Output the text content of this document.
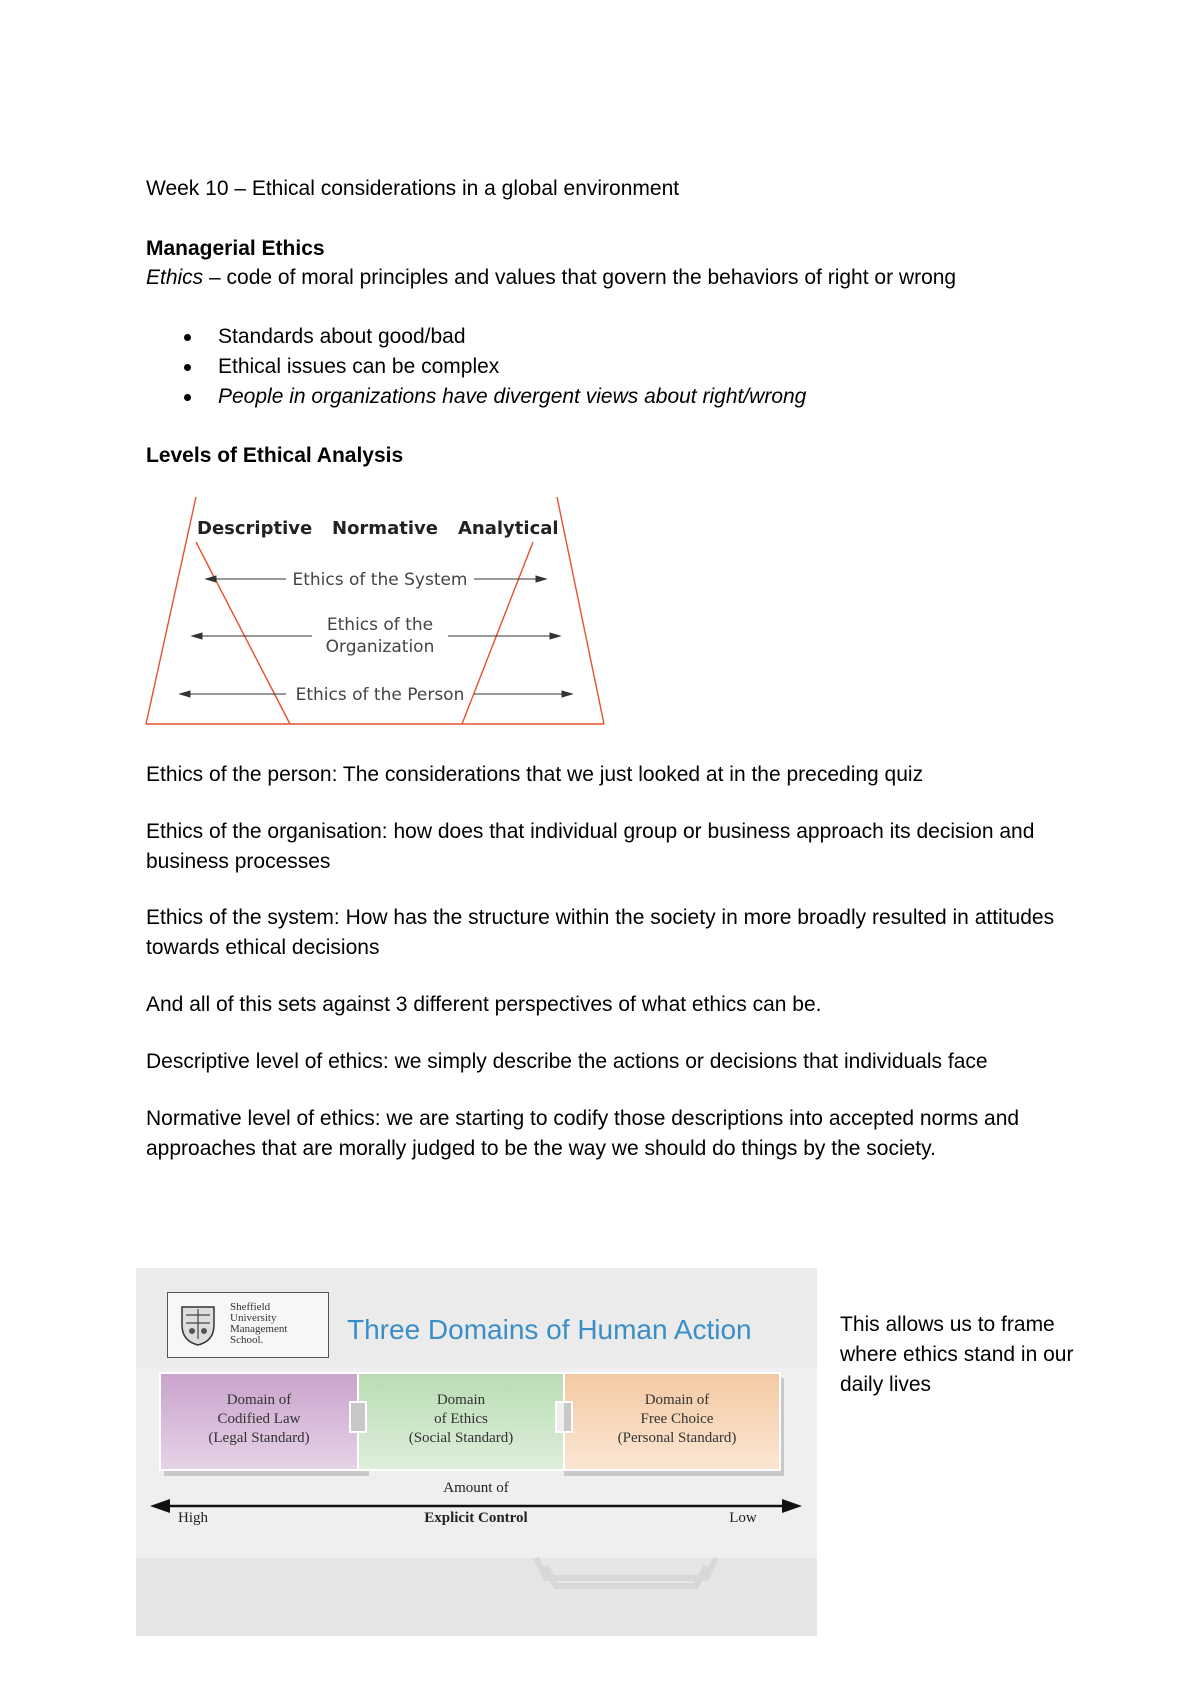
Week 10 – Ethical considerations in a global environment
Managerial Ethics
Ethics – code of moral principles and values that govern the behaviors of right or wrong
Standards about good/bad
Ethical issues can be complex
People in organizations have divergent views about right/wrong
Levels of Ethical Analysis
Descriptive Normative Analytical
Ethics of the System
Ethics of the
Organization
Ethics of the Person
Ethics of the person: The considerations that we just looked at in the preceding quiz
Ethics of the organisation: how does that individual group or business approach its decision and business processes
Ethics of the system: How has the structure within the society in more broadly resulted in attitudes towards ethical decisions
And all of this sets against 3 different perspectives of what ethics can be.
Descriptive level of ethics: we simply describe the actions or decisions that individuals face
Normative level of ethics: we are starting to codify those descriptions into accepted norms and approaches that are morally judged to be the way we should do things by the society.
Sheffield
University
Management
School.	Three Domains of Human Action
Domain of
Codified Law
(Legal Standard)
Domain
of Ethics
(Social Standard)
Domain of
Free Choice
(Personal Standard)
Amount of
Explicit Control
High	Low
This allows us to frame where ethics stand in our daily lives
